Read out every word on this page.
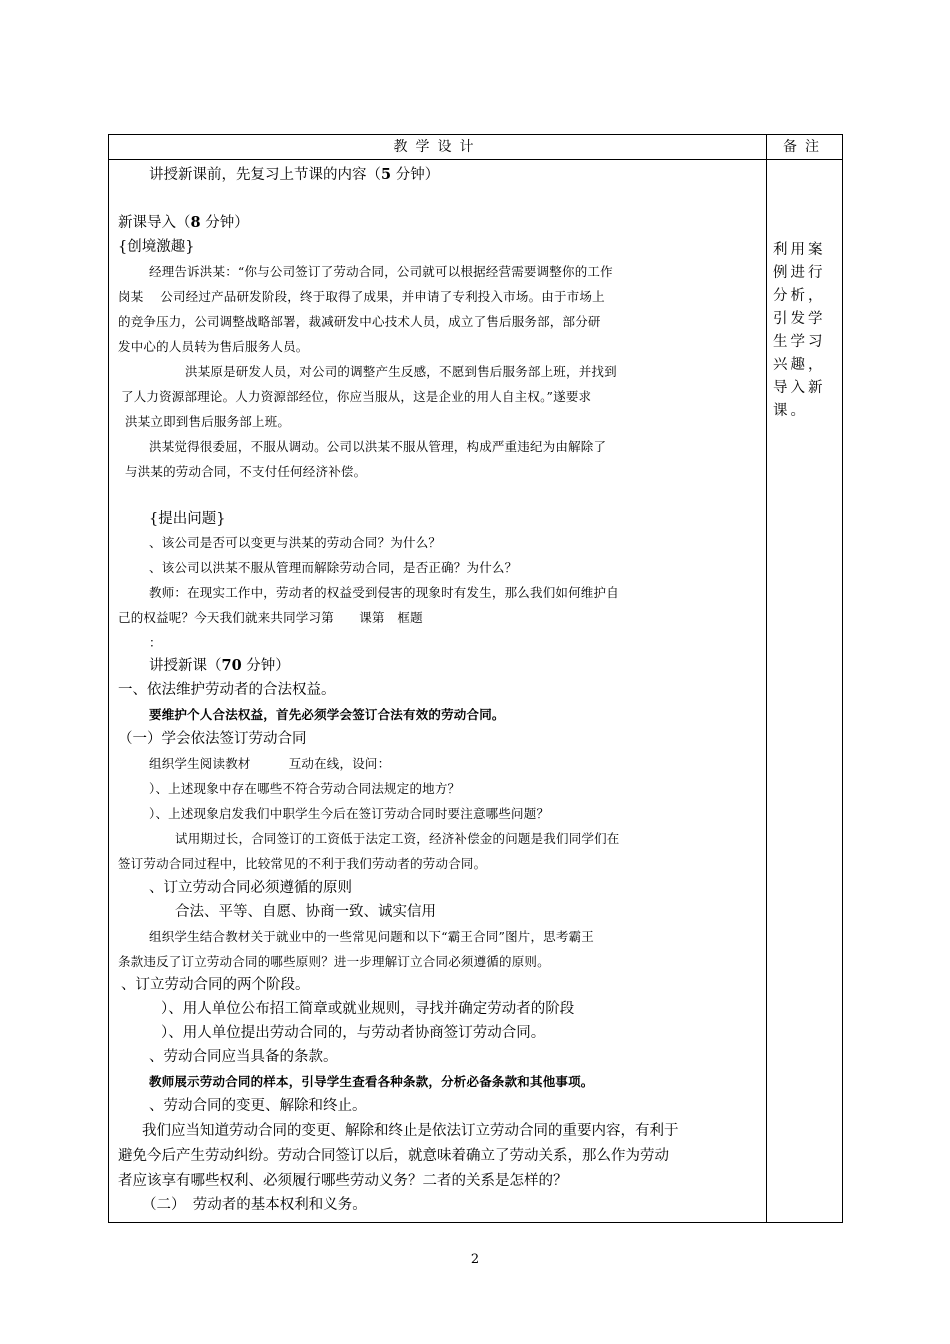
教学设计	备注
讲授新课前，先复习上节课的内容（5 分钟）
新课导入（8 分钟）
{创境激趣}
经理告诉洪某：“你与公司签订了劳动合同，公司就可以根据经营需要调整你的工作
岗某　 公司经过产品研发阶段，终于取得了成果，并申请了专利投入市场。由于市场上
的竞争压力，公司调整战略部署，裁减研发中心技术人员，成立了售后服务部，部分研
发中心的人员转为售后服务人员。
洪某原是研发人员，对公司的调整产生反感，不愿到售后服务部上班，并找到
了人力资源部理论。人力资源部经位，你应当服从，这是企业的用人自主权。”遂要求
洪某立即到售后服务部上班。
洪某觉得很委屈，不服从调动。公司以洪某不服从管理，构成严重违纪为由解除了
与洪某的劳动合同，不支付任何经济补偿。
{提出问题}
、该公司是否可以变更与洪某的劳动合同？为什么？
、该公司以洪某不服从管理而解除劳动合同，是否正确？为什么？
教师：在现实工作中，劳动者的权益受到侵害的现象时有发生，那么我们如何维护自
己的权益呢？今天我们就来共同学习第　　课第　框题
：
讲授新课（70 分钟）
一、依法维护劳动者的合法权益。
要维护个人合法权益，首先必须学会签订合法有效的劳动合同。
（一）学会依法签订劳动合同
组织学生阅读教材　　　互动在线，设问：
）、上述现象中存在哪些不符合劳动合同法规定的地方？
）、上述现象启发我们中职学生今后在签订劳动合同时要注意哪些问题？
试用期过长，合同签订的工资低于法定工资，经济补偿金的问题是我们同学们在
签订劳动合同过程中，比较常见的不利于我们劳动者的劳动合同。
、订立劳动合同必须遵循的原则
合法、平等、自愿、协商一致、诚实信用
组织学生结合教材关于就业中的一些常见问题和以下“霸王合同”图片，思考霸王
条款违反了订立劳动合同的哪些原则？进一步理解订立合同必须遵循的原则。
、订立劳动合同的两个阶段。
）、用人单位公布招工简章或就业规则，寻找并确定劳动者的阶段
）、用人单位提出劳动合同的，与劳动者协商签订劳动合同。
、劳动合同应当具备的条款。
教师展示劳动合同的样本，引导学生查看各种条款，分析必备条款和其他事项。
、劳动合同的变更、解除和终止。
我们应当知道劳动合同的变更、解除和终止是依法订立劳动合同的重要内容，有利于
避免今后产生劳动纠纷。劳动合同签订以后，就意味着确立了劳动关系，那么作为劳动
者应该享有哪些权利、必须履行哪些劳动义务？二者的关系是怎样的？
（二）　劳动者的基本权利和义务。
利用案例进行分析，引发学生学习兴趣，导入新课。
2
